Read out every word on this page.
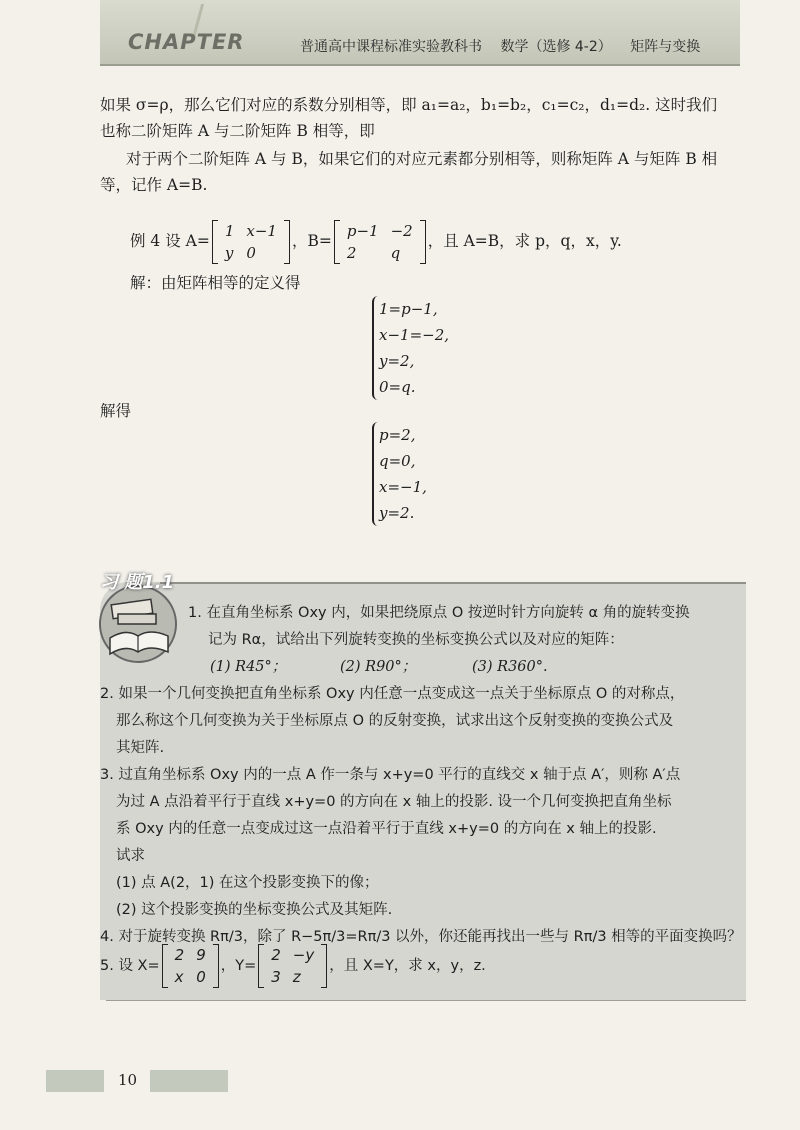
CHAPTER	普通高中课程标准实验教科书 数学（选修 4-2） 矩阵与变换

如果 σ=ρ，那么它们对应的系数分别相等，即 a₁=a₂，b₁=b₂，c₁=c₂，d₁=d₂. 这时我们

也称二阶矩阵 A 与二阶矩阵 B 相等，即

对于两个二阶矩阵 A 与 B，如果它们的对应元素都分别相等，则称矩阵 A 与矩阵 B 相

等，记作 A=B.

例 4 设 A=
1	x−1
y	0
，B=
p−1	−2
2	q
，且 A=B，求 p，q，x，y.

解：由矩阵相等的定义得

1=p−1,
x−1=−2,
y=2,
0=q.

解得

p=2,
q=0,
x=−1,
y=2.
习 题1.1

1. 在直角坐标系 Oxy 内，如果把绕原点 O 按逆时针方向旋转 α 角的旋转变换

记为 Rα，试给出下列旋转变换的坐标变换公式以及对应的矩阵：

(1) R45°；	(2) R90°；	(3) R360°.

2. 如果一个几何变换把直角坐标系 Oxy 内任意一点变成这一点关于坐标原点 O 的对称点，

那么称这个几何变换为关于坐标原点 O 的反射变换，试求出这个反射变换的变换公式及

其矩阵.

3. 过直角坐标系 Oxy 内的一点 A 作一条与 x+y=0 平行的直线交 x 轴于点 A′，则称 A′点

为过 A 点沿着平行于直线 x+y=0 的方向在 x 轴上的投影. 设一个几何变换把直角坐标

系 Oxy 内的任意一点变成过这一点沿着平行于直线 x+y=0 的方向在 x 轴上的投影.

试求

(1) 点 A(2，1) 在这个投影变换下的像；

(2) 这个投影变换的坐标变换公式及其矩阵.

4. 对于旋转变换 Rπ/3，除了 R−5π/3=Rπ/3 以外，你还能再找出一些与 Rπ/3 相等的平面变换吗？

5. 设 X=
2	9
x	0
，Y=
2	−y
3	z
，且 X=Y，求 x，y，z.
10
